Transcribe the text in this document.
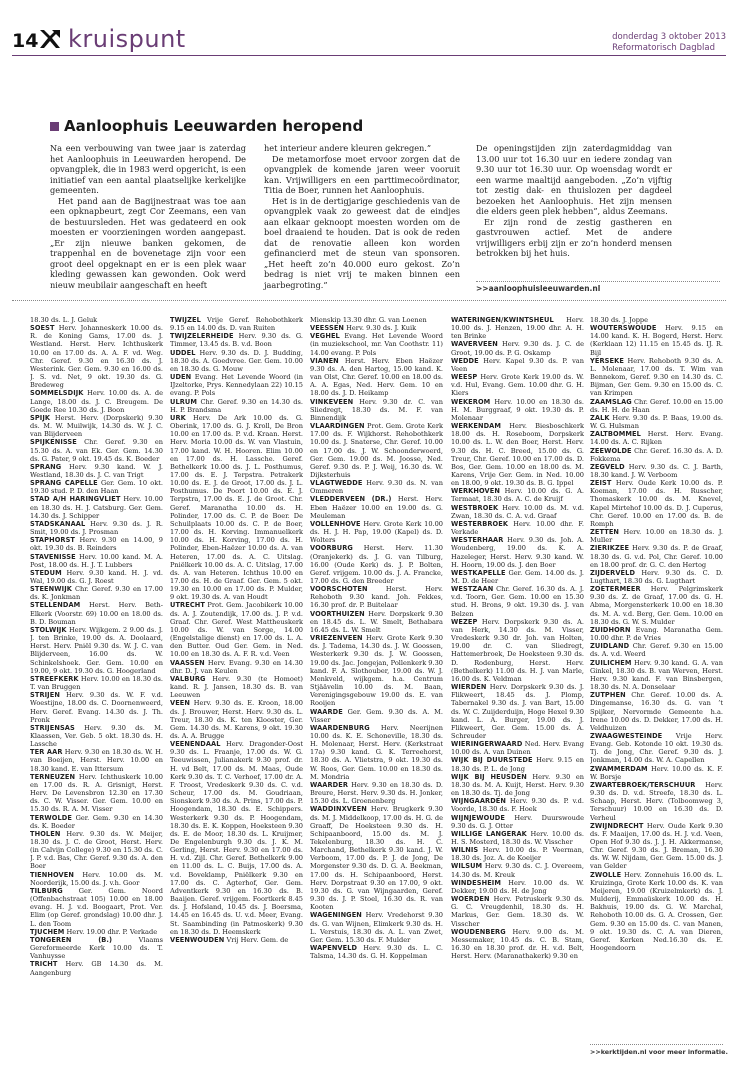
14 kruispunt	donderdag 3 oktober 2013
Reformatorisch Dagblad
Aanloophuis Leeuwarden heropend

Na een verbouwing van twee jaar is zaterdag het Aanloophuis in Leeuwarden heropend. De opvangplek, die in 1983 werd opgericht, is een initiatief van een aantal plaatselijke kerkelijke gemeenten.

Het pand aan de Bagijnestraat was toe aan een opknapbeurt, zegt Cor Zeemans, een van de bestuursleden. Het was gedateerd en ook moesten er voorzieningen worden aangepast. „Er zijn nieuwe banken gekomen, de trappenhal en de bovenetage zijn voor een groot deel opgeknapt en er is een plek waar kleding gewassen kan gewonden. Ook werd nieuw meubilair aangeschaft en heeft

het interieur andere kleuren gekregen.”

De metamorfose moet ervoor zorgen dat de opvangplek de komende jaren weer vooruit kan. Vrijwilligers en een parttimecoördinator, Titia de Boer, runnen het Aanloophuis.

Het is in de dertigjarige geschiedenis van de opvangplek vaak zo geweest dat de eindjes aan elkaar geknoopt moesten worden om de boel draaiend te houden. Dat is ook de reden dat de renovatie alleen kon worden gefinancierd met de steun van sponsoren. „Het heeft zo’n 40.000 euro gekost. Zo’n bedrag is niet vrij te maken binnen een jaarbegroting.”

De openingstijden zijn zaterdagmiddag van 13.00 uur tot 16.30 uur en iedere zondag van 9.30 uur tot 16.30 uur. Op woensdag wordt er een warme maaltijd aangeboden. „Zo’n vijftig tot zestig dak- en thuislozen per dagdeel bezoeken het Aanloophuis. Het zijn mensen die elders geen plek hebben”, aldus Zeemans.

Er zijn rond de zestig gastheren en gastvrouwen actief. Met de andere vrijwilligers erbij zijn er zo’n honderd mensen betrokken bij het huis.

>>aanloophuisleeuwarden.nl

18.30 ds. L. J. Geluk

SOEST Herv. Johanneskerk 10.00 ds. R. de Koning Gams, 17.00 ds. J. Westland. Herst. Herv. Ichthuskerk 10.00 en 17.00 ds. A. A. F. vd. Weg. Chr. Geref. 9.30 en 16.30 ds. J. Westerink. Ger. Gem. 9.30 en 16.00 ds. J. S. vd. Net, 9 okt. 19.30 ds. G. Bredeweg

SOMMELSDIJK Herv. 10.00 ds. A. de Lange, 18.00 ds. J. C. Breugem. De Goede Ree 10.30 ds. J. Boon

SPIJK Herst. Herv. (Dorpskerk) 9.30 ds. M. W. Muilwijk, 14.30 ds. W. J. C. van Blijderveen

SPIJKENISSE Chr. Geref. 9.30 en 15.30 ds. A. van Ek. Ger. Gem. 14.30 ds. G. Pater, 9 okt. 19.45 ds. K. Boeder

SPRANG Herv. 9.30 kand. W. J. Westland, 18.30 ds. J. C. van Trigt

SPRANG CAPELLE Ger. Gem. 10 okt. 19.30 stud. P. D. den Haan

STAD A/H HARINGVLIET Herv. 10.00 en 18.30 ds. H. J. Catsburg. Ger. Gem. 14.30 ds. J. Schipper

STADSKANAAL Herv. 9.30 ds. J. R. Smit, 19.00 ds. J. Prosman

STAPHORST Herv. 9.30 en 14.00, 9 okt. 19.30 ds. B. Reinders

STAVENISSE Herv. 10.00 kand. M. A. Post, 18.00 ds. H. J. T. Lubbers

STEDUM Herv. 9.30 kand. H. J. vd. Wal, 19.00 ds. G. J. Roest

STEENWIJK Chr. Geref. 9.30 en 17.00 ds. K. Jonkman

STELLENDAM Herst. Herv. Beth-Elkerk (Voorstr. 69) 10.00 en 18.00 ds. B. D. Bouman

STOLWIJK Herv. Wijkgem. 2 9.00 ds. J. J. ten Brinke, 19.00 ds. A. Doolaard, Herst. Herv. Pniël 9.30 ds. W. J. C. van Blijderveen, 16.00 ds. W. Schinkelshoek. Ger. Gem. 10.00 en 19.00, 9 okt. 19.30 ds. G. Hoogerland

STREEFKERK Herv. 10.00 en 18.30 ds. T. van Bruggen

STRIJEN Herv. 9.30 ds. W. F. v.d. Woestijne, 18.00 ds. C. Doornenweerd, Herv. Geref. Evang. 14.30 ds. J. Th. Pronk

STRIJENSAS Herv. 9.30 ds. M. Klaassen, Ver. Geb. 5 okt. 18.30 ds. H. Lassche

TER AAR Herv. 9.30 en 18.30 ds. W. H. van Boeijen, Herst. Herv. 10.00 en 18.30 kand. E. van Ittersum

TERNEUZEN Herv. Ichthuskerk 10.00 en 17.00 ds. R. A. Grisnigt, Herst. Herv. De Levensbron 12.30 en 17.30 ds. C. W. Visser. Ger. Gem. 10.00 en 15.30 ds. R. A. M. Visser

TERWOLDE Ger. Gem. 9.30 en 14.30 ds. K. Boeder

THOLEN Herv. 9.30 ds. W. Meijer, 18.30 ds. J. C. de Groot, Herst. Herv. (in Calvijn College) 9.30 en 15.30 ds. C. J. P. v.d. Bas, Chr. Geref. 9.30 ds. A. den Boer

TIENHOVEN Herv. 10.00 ds. M. Noorderijk, 15.00 ds. J. v.h. Goor

TILBURG Ger. Gem. Noord (Offenbachstraat 105) 10.00 en 18.00 evang. H. J. v.d. Boogaart, Prot. Ver. Elim (op Geref. grondslag) 10.00 dhr. J. L. den Toom

TJUCHEM Herv. 19.00 dhr. P. Verkade

TONGEREN (B.)	Vlaams Gereformeerde Kerk 10.00 ds. T. Vanhuysse

TRICHT Herv. GB 14.30 ds. M. Aangenburg

TWIJZEL Vrije Geref. Rehobothkerk 9.15 en 14.00 ds. D. van Ruiten

TWIJZELERHEIDE Herv. 9.30 ds. G. Timmer, 13.45 ds. B. v.d. Boon

UDDEL Herv. 9.30 ds. D. J. Budding, 18.30 ds. A. Goedvree. Ger. Gem. 10.00 en 18.30 ds. G. Mouw

UDEN Evang. Het Levende Woord (in IJzeltorke, Prys. Kennedylaan 22) 10.15 evang. P. Pols

ULRUM Chr. Geref. 9.30 en 14.30 ds. H. P. Brandsma

URK Herv. De Ark 10.00 ds. G. Oberink, 17.00 ds. G. J. Kroll, De Bron 10.00 en 17.00 ds. P. v.d. Kraan. Herst. Herv. Moria 10.00 ds. W. van Vlastuin, 17.00 kand. W. H. Hooren. Elim 10.00 en 17.00 ds. H. Lassche. Geref. Bethelkerk 10.00 ds. J. L. Posthumus, 17.00 ds. E. J. Terpstra. Petrakerk 10.00 ds. E. J. de Groot, 17.00 ds. J. L. Posthumus. De Poort 10.00 ds. E. J. Terpstra, 17.00 ds. E. J. de Groot. Chr. Geref. Maranatha 10.00 ds. H. Polinder, 17.00 ds. C. P. de Boer. De Schuilplaats 10.00 ds. C. P. de Boer, 17.00 ds. H. Korving. Immanuelkerk 10.00 ds. H. Korving, 17.00 ds. H. Polinder, Eben-Haëzer 10.00 ds. A. van Heteren, 17.00 ds. A. C. Uitslag. Pniëlkerk 10.00 ds. A. C. Uitslag, 17.00 ds. A. van Heteren. Ichthus 10.00 en 17.00 ds. H. de Graaf. Ger. Gem. 5 okt. 19.30 en 10.00 en 17.00 ds. P. Mulder, 9 okt. 19.30 ds. A. van Houdt

UTRECHT Prot. Gem. Jacobikerk 10.00 ds. A. J. Zoutendijk, 17.00 ds. J. P. v.d. Graaf. Chr. Geref. West Mattheuskerk 10.00 ds. W. van Sorge, 14.00 (Engelstalige dienst) en 17.00 ds. L. A. den Butter. Oud Ger. Gem. in Ned. 10.00 en 18.30 ds. A. F. R. v.d. Veen

VAASSEN Herv. Evang. 9.30 en 14.30 dhr. D. J. van Keulen

VALBURG Herv. 9.30 (te Homoet) kand. R. J. Jansen, 18.30 ds. B. van Leeuwen

VEEN Herv. 9.30 ds. E. Kroon, 18.00 ds. J. Brouwer, Herst. Herv. 9.30 ds. L. Treur, 18.30 ds. K. ten Klooster, Ger. Gem. 14.30 ds. M. Karens, 9 okt. 19.30 ds. A. A. Brugge

VEENENDAAL Herv. Dragonder-Oost 9.30 ds. L. Fraanje, 17.00 ds. W. G. Teeuwissen, Julianakerk 9.30 prof. dr. H. vd Belt, 17.00 ds. M. Maas, Oude Kerk 9.30 ds. T. C. Verhoef, 17.00 dr. A. F. Troost, Vredeskerk 9.30 ds. C. v.d. Scheur, 17.00 ds. M. Goudriaan, Sionskerk 9.30 ds. A. Prins, 17.00 ds. P. Hoogendam, 18.30 ds. E. Schippers. Westerkerk 9.30 ds. P. Hoogendam, 18.30 ds. E. K. Koppen, Hoeksteen 9.30 ds. E. de Moor, 18.30 ds. L. Kruijmer, De Engelenburgh 9.30 ds. J. K. M. Gerling, Herst. Herv. 9.30 en 17.00 ds. H. v.d. Zijl. Chr. Geref. Bethelkerk 9.00 en 11.00 ds. L. C. Buijs, 17.00 ds. A. v.d. Boveklamp, Pniëlkerk 9.30 en 17.00 ds. C. Agterhof, Ger. Gem. Adventkerk 9.30 en 16.30 ds. B. Baaijen. Geref. vrijgem. Foortkerk 8.45 ds. J. Hofsland, 10.45 ds. J. Boersma, 14.45 en 16.45 ds. U. v.d. Meer, Evang. St. Saambinding (in Patmoskerk) 9.30 en 18.30 ds. D. Heemskerk

VEENWOUDEN Vrij Herv. Gem. de

Mienskip 13.30 dhr. G. van Loenen

VEESSEN Herv. 9.30 ds. J. Kuik

VEGHEL Evang. Het Levende Woord (in muziekschool, mr. Van Coothstr. 11) 14.00 evang. P. Pols

VIANEN Herst. Herv. Eben Haëzer 9.30 ds. A. den Hartog, 15.00 kand. K. van Olst, Chr. Geref. 10.00 en 18.00 ds. A. A. Egas, Ned. Herv. Gem. 10 en 18.00 ds. J. D. Heikamp

VINKEVEEN Herv. 9.30 dr. C. van Sliedregt, 18.30 ds. M. F. van Binnendijk

VLAARDINGEN Prot. Gem. Grote Kerk 17.00 ds. F. Wijkhorst. Rehobothkerk 10.00 ds. J. Snaterse, Chr. Geref. 10.00 en 17.00 ds. J. W. Schoonderwoerd, Ger. Gem. 19.00 ds. M. Joosse, Ned. Geref. 9.30 ds. P. J. Weij, 16.30 ds. W. Dijksterhuis

VLAGTWEDDE Herv. 9.30 ds. N. van Ommeren

VLEDDERVEEN (DR.) Herst. Herv. Eben Haëzer 10.00 en 19.00 ds. G. Meuleman

VOLLENHOVE Herv. Grote Kerk 10.00 ds. H. J. H. Pap, 19.00 (Kapel) ds. D. Wolters

VOORBURG Herst. Herv. 11.30 (Oranjekerk) ds. J. G. van Tilburg, 16.00 (Oude Kerk) ds. J. P. Bolten, Geref. vrijgem. 10.00 ds. J. A. Francke, 17.00 ds. G. den Breeder

VOORSCHOTEN	Herst. Herv. Rehoboth 9.30 kand. Joh. Fekkes, 16.30 prof. dr. P. Buitelaar

VOORTHUIZEN Herv. Dorpskerk 9.30 en 18.45 ds. L. W. Smelt, Bethabara 16.45 ds. L. W. Smelt

VRIEZENVEEN Herv. Grote Kerk 9.30 ds. J. Tadema, 14.30 ds. J. W. Goossen, Westerkerk 9.30 ds. J. W. Goossen, 19.00 ds. Jac. Jongejan, Pollenkerk 9.30 kand. F. A. Slothouber, 19.00 ds. W. J. Menkveld, wijkgem. h.a. Centrum Stjäävelin 10.00 ds. M. Baan, Verenigingsgebouw 19.00 ds. E. van Rooijen

WAARDE Ger. Gem. 9.30 ds. A. M. Visser

WAARDENBURG Herv. Neerijnen 10.00 ds. K. E. Schoneville, 18.30 ds. H. Molenaar, Herst. Herv. (Kerkstraat 17a) 9.30 kand. G. K. Terreehorst, 18.30 ds. A. Vlietstra, 9 okt. 19.30 ds. W. Roos, Ger. Gem. 10.00 en 18.30 ds. M. Mondria

WAARDER Herv. 9.30 en 18.30 ds. D. Breure, Herst. Herv. 9.30 ds. H. Jonker, 15.30 ds. L. Groenenberg

WADDINXVEEN Herv. Brugkerk 9.30 ds. M. J. Middelkoop, 17.00 ds. H. G. de Graaff, De Hoeksteen 9.30 ds. H. Schipaanboord, 15.00 ds. M. J. Tekelenburg, 18.30 ds. H. C. Marchand, Bethelkerk 9.30 kand. J. W. Verboom, 17.00 ds. P. J. de Jong, De Morgenster 9.30 ds. D. G. A. Beekman, 17.00 ds. H. Schipaanboord, Herst. Herv. Dorpstraat 9.30 en 17.00, 9 okt. 19.30 ds. G. van Wijngaarden, Geref. 9.30 ds. J. P. Stoel, 16.30 ds. R. van Kooten

WAGENINGEN Herv. Vredehorst 9.30 ds. G. van Wijnen, Elimkerk 9.30 ds. H. L. Verstuis, 18.30 ds. A. L. van Zwet, Ger. Gem. 15.30 ds. F. Mulder

WAPENVELD Herv. 9.30 ds. L. C. Talsma, 14.30 ds. G. H. Koppelman

WATERINGEN/KWINTSHEUL Herv. 10.00 ds. J. Henzen, 19.00 dhr. A. H. ten Brinke

WAVERVEEN Herv. 9.30 ds. J. C. de Groot, 19.00 ds. P. G. Oskamp

WEDDE Herv. Kapel 9.30 ds. P. van Veen

WEESP Herv. Grote Kerk 19.00 ds. W. v.d. Hul, Evang. Gem. 10.00 dhr. G. H. Kiers

WEKEROM Herv. 10.00 en 18.30 ds. H. M. Burggraaf, 9 okt. 19.30 ds. P. Molenaar

WERKENDAM Herv. Biesboschkerk 18.00 ds. H. Roseboom, Dorpskerk 10.00 ds. L. W. den Boer, Herst. Herv. 9.30 ds. H. C. Breed, 15.00 ds. G. Treur, Chr. Geref. 10.00 en 17.00 ds. D. Bos, Ger. Gem. 10.00 en 18.00 ds. M. Karens, Vrije Ger. Gem. in Ned. 10.00 en 18.00, 9 okt. 19.30 ds. B. G. Ippel

WERKHOVEN Herv. 10.00 ds. G. A. Termaat, 18.30 ds. A. C. de Kruijf

WESTBROEK Herv. 10.00 ds. M. v.d. Zwan, 18.30 ds. C. A. v.d. Graaf

WESTERBROEK Herv. 10.00 dhr. F. Verkade

WESTERHAAR Herv. 9.30 ds. Joh. A. Woudenberg, 19.00 ds. K. A. Hazeleger, Herst. Herv. 9.30 kand. W. H. Hoorn, 19.00 ds. J. den Boer

WESTKAPELLE Ger. Gem. 14.00 ds. J. M. D. de Heer

WESTZAAN Chr. Geref. 16.30 ds. A. J. v.d. Toorn, Ger. Gem. 10.00 en 15.30 stud. H. Brons, 9 okt. 19.30 ds. J. van Belzen

WEZEP Herv. Dorpskerk 9.30 ds. A. van Herk, 14.30 ds. M. Visser, Vredeskerk 9.30 dr. Joh. van Holten, 19.00 dr. C. van Sliedregt, Hattemerbroek, De Hoeksteen 9.30 ds. D. Rodenburg, Herst. Herv. (Bethelkerk) 11.00 ds. H. J. van Marle, 16.00 ds. K. Veldman

WIERDEN Herv. Dorpskerk 9.30 ds. J. Flikweert, 18.45 ds. J. Plomp, Tabernakel 9.30 ds. J. van Bart, 15.00 ds. W. C. Zuijderduijn, Hoge Hexel 9.30 kand. L. A. Burger, 19.00 ds. J. Flikweert, Ger. Gem. 15.00 ds. A. Schreuder

WIERINGERWAARD Ned. Herv. Evang 10.00 ds. A. van Duinen

WIJK BIJ DUURSTEDE Herv. 9.15 en 18.30 ds. P. L. de Jong

WIJK BIJ HEUSDEN Herv. 9.30 en 18.30 ds. M. A. Kuijt, Herst. Herv. 9.30 en 18.30 ds. Tj. de Jong

WIJNGAARDEN Herv. 9.30 ds. P. v.d. Voorde, 18.30 ds. F. Hoek

WIJNJEWOUDE Herv. Duurswoude 9.30 ds. G. J. Otter

WILLIGE LANGERAK Herv. 10.00 ds. H. S. Mosterd, 18.30 ds. W. Visscher

WILNIS Herv. 10.00 ds. P. Veerman, 18.30 ds. Joz. A. de Koeijer

WILSUM Herv. 9.30 ds. C. J. Overeem, 14.30 ds. M. Kreuk

WINDESHEIM Herv. 10.00 ds. W. Dekker, 19.00 ds. H. de Jong

WOERDEN Herv. Petruskerk 9.30 ds. G. C. Vreugdenhil, 18.30 ds. H. Markus, Ger. Gem. 18.30 ds. W. Visscher

WOUDENBERG Herv. 9.00 ds. M. Messemaker, 10.45 ds. C. B. Stam, 16.30 en 18.30 prof. dr. H. v.d. Belt, Herst. Herv. (Maranathakerk) 9.30 en

18.30 ds. J. Joppe

WOUTERSWOUDE Herv. 9.15 en 14.00 kand. K. H. Bogerd, Herst. Herv. (Kerklaan 12) 11.15 en 15.45 ds. IJ. R. Bijl

YERSEKE Herv. Rehoboth 9.30 ds. A. L. Molenaar, 17.00 ds. T. Wim van Bennekom, Geref. 9.30 en 14.30 ds. C. Bijman, Ger. Gem. 9.30 en 15.00 ds. C. van Krimpen

ZAAMSLAG Chr. Geref. 10.00 en 15.00 ds. H. H. de Haan

ZALK Herv. 9.30 ds. P. Baas, 19.00 ds. W. G. Hulsman

ZALTBOMMEL Herst. Herv. Evang. 14.00 ds. A. C. Rijken

ZEEWOLDE Chr. Geref. 16.30 ds. A. D. Fokkema

ZEGVELD Herv. 9.30 ds. C. J. Barth, 18.30 kand. J. W. Verboom

ZEIST Herv. Oude Kerk 10.00 ds. P. Koeman, 17.00 ds. H. Russcher, Thomaskerk 10.00 ds. M. Knevel, Kapel Mirtehof 10.00 ds. D. J. Cuperus, Chr. Geref. 10.00 en 17.00 ds. B. de Romph

ZETTEN Herv. 10.00 en 18.30 ds. J. Muller

ZIERIKZEE Herv. 9.30 ds. P. de Graaf, 18.30 ds. G. v.d. Pol, Chr. Geref. 10.00 en 18.00 prof. dr. G. C. den Hertog

ZIJDERVELD Herv. 9.30 ds. C. D. Lugthart, 18.30 ds. G. Lugthart

ZOETERMEER Herv. Pelgrimskerk 9.30 ds. Z. de Graaf, 17.00 ds. G. H. Abma, Morgensterkerk 10.00 en 18.30 ds. M. A. v.d. Berg, Ger. Gem. 10.00 en 18.30 ds. G. W. S. Mulder

ZUIDHORN Evang. Maranatha Gem. 10.00 dhr. P. de Vries

ZUIDLAND Chr. Geref. 9.30 en 15.00 ds. A. v.d. Weerd

ZUILICHEM Herv. 9.30 kand. G. A. van Ginkel, 18.30 ds. B. van Werven, Herst. Herv. 9.30 kand. F. van Binsbergen, 18.30 ds. N. A. Donselaar

ZUTPHEN Chr. Geref. 10.00 ds. A. Dingemanse, 16.30 ds. G. van ’t Spijker, Nervormde Gemeente h.a. Irene 10.00 ds. D. Dekker, 17.00 ds. H. Veldhuizen

ZWAAGWESTEINDE Vrije Herv. Evang. Geb. Kotonde 10 okt. 19.30 ds. Tj. de Jong, Chr. Geref. 9.30 ds. J. Jonkman, 14.00 ds. W. A. Capellen

ZWAMMERDAM Herv. 10.00 ds. K. F. W. Borsje

ZWARTEBROEK/TERSCHUUR Herv. 9.30 ds. D. v.d. Streefe, 18.30 ds. L. Schaap, Herst. Herv. (Tolboomweg 3, Terschuur) 10.00 en 16.30 ds. D. Verheul

ZWIJNDRECHT Herv. Oude Kerk 9.30 ds. F. Maaijen, 17.00 ds. H. J. v.d. Veen, Open Hof 9.30 ds. J. J. H. Akkermanse, Chr. Geref. 9.30 ds. J. Breman, 16.30 ds. W. W. Nijdam, Ger. Gem. 15.00 ds. J. van Gelder

ZWOLLE Herv. Zonnehuis 16.00 ds. L. Kruizinga, Grote Kerk 10.00 ds. K. van Meijeren, 19.00 (Kruizelmkerk) ds. J. Mulderij, Emmaüskerk 10.00 ds. H. Bakhuis, 19.00 ds. G. W. Marchal, Rehoboth 10.00 ds. G. A. Crossen, Ger. Gem. 9.30 en 15.00 ds. C. van Manen, 9 okt. 19.30 ds. C. A. van Dieren, Geref. Kerken Ned.16.30 ds. E. Hoogendoorn

>>kerktijden.nl voor meer informatie.
